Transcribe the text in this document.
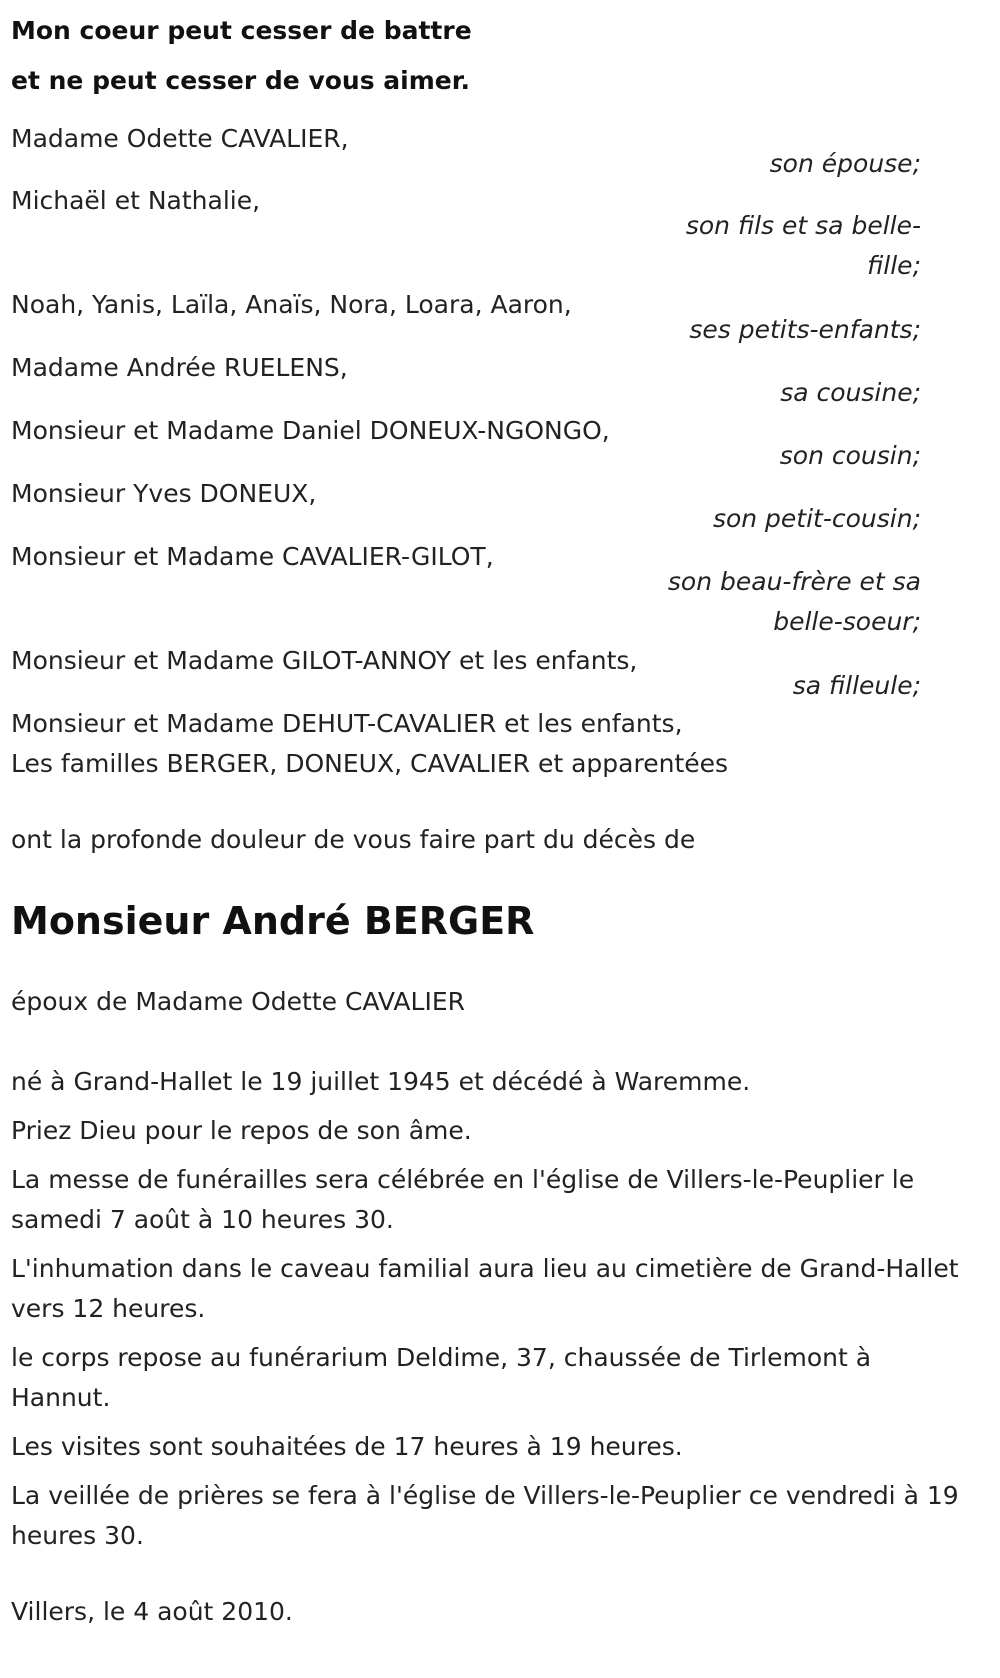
Mon coeur peut cesser de battre
et ne peut cesser de vous aimer.
Madame Odette CAVALIER,
son épouse;
Michaël et Nathalie,
son fils et sa belle-fille;
Noah, Yanis, Laïla, Anaïs, Nora, Loara, Aaron,
ses petits-enfants;
Madame Andrée RUELENS,
sa cousine;
Monsieur et Madame Daniel DONEUX-NGONGO,
son cousin;
Monsieur Yves DONEUX,
son petit-cousin;
Monsieur et Madame CAVALIER-GILOT,
son beau-frère et sa belle-soeur;
Monsieur et Madame GILOT-ANNOY et les enfants,
sa filleule;
Monsieur et Madame DEHUT-CAVALIER et les enfants,
Les familles BERGER, DONEUX, CAVALIER et apparentées
ont la profonde douleur de vous faire part du décès de
Monsieur André BERGER
époux de Madame Odette CAVALIER

né à Grand-Hallet le 19 juillet 1945 et décédé à Waremme.

Priez Dieu pour le repos de son âme.

La messe de funérailles sera célébrée en l'église de Villers-le-Peuplier le samedi 7 août à 10 heures 30.

L'inhumation dans le caveau familial aura lieu au cimetière de Grand-Hallet vers 12 heures.

le corps repose au funérarium Deldime, 37, chaussée de Tirlemont à Hannut.

Les visites sont souhaitées de 17 heures à 19 heures.

La veillée de prières se fera à l'église de Villers-le-Peuplier ce vendredi à 19 heures 30.

Villers, le 4 août 2010.
